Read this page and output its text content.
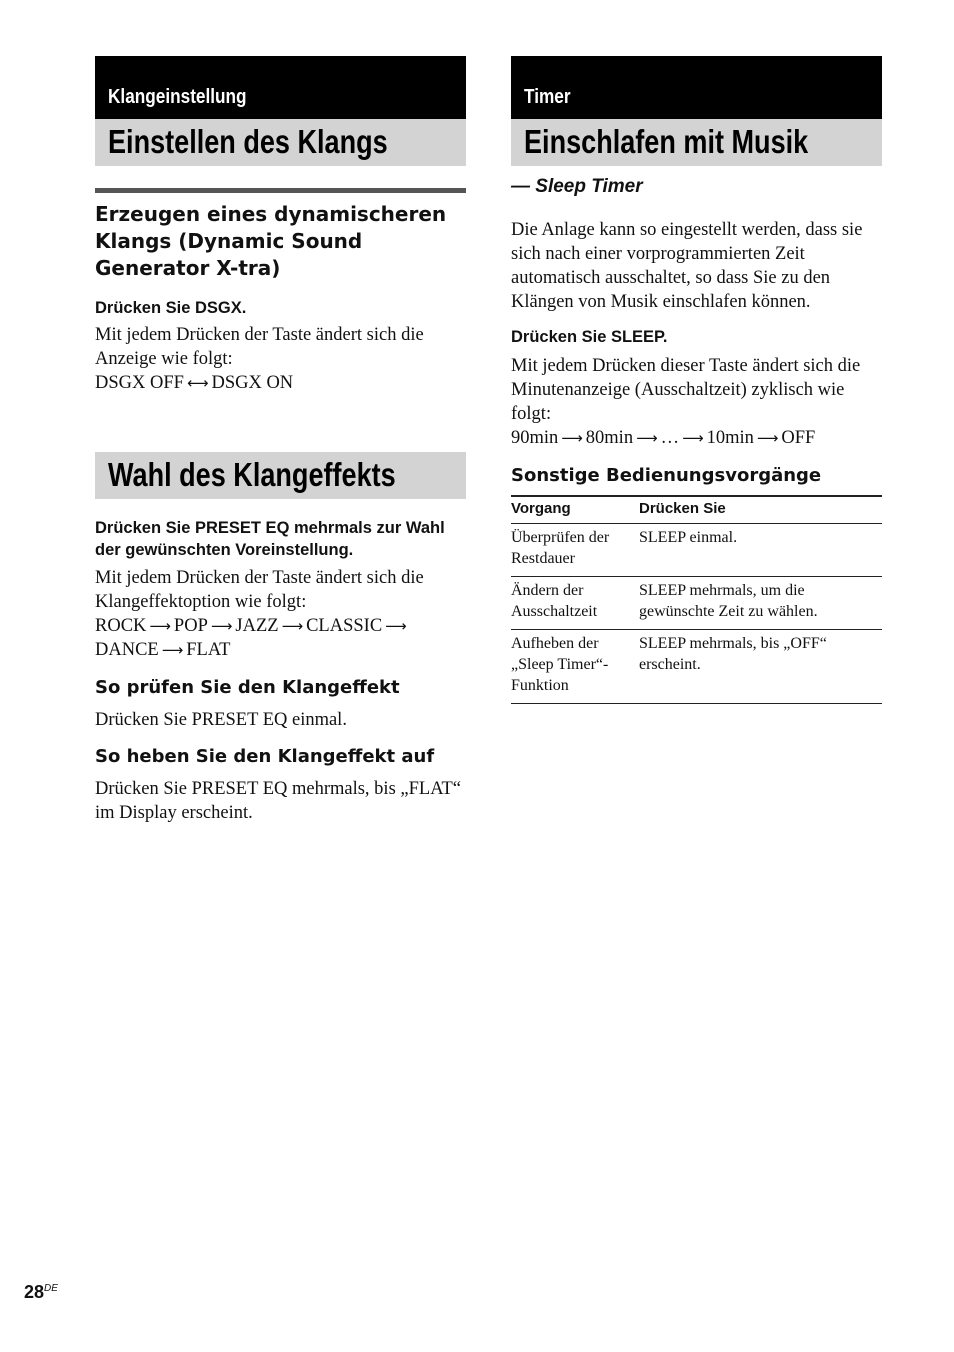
Klangeinstellung
Einstellen des Klangs
Erzeugen eines dynamischeren Klangs (Dynamic Sound Generator X-tra)

Drücken Sie DSGX.

Mit jedem Drücken der Taste ändert sich die Anzeige wie folgt:

DSGX OFF ⟷ DSGX ON

Wahl des Klangeffekts

Drücken Sie PRESET EQ mehrmals zur Wahl der gewünschten Voreinstellung.

Mit jedem Drücken der Taste ändert sich die Klangeffektoption wie folgt:

ROCK ⟶ POP ⟶ JAZZ ⟶ CLASSIC ⟶
DANCE ⟶ FLAT

So prüfen Sie den Klangeffekt

Drücken Sie PRESET EQ einmal.

So heben Sie den Klangeffekt auf

Drücken Sie PRESET EQ mehrmals, bis „FLAT“ im Display erscheint.

Timer
Einschlafen mit Musik

— Sleep Timer

Die Anlage kann so eingestellt werden, dass sie sich nach einer vorprogrammierten Zeit automatisch ausschaltet, so dass Sie zu den Klängen von Musik einschlafen können.

Drücken Sie SLEEP.

Mit jedem Drücken dieser Taste ändert sich die Minutenanzeige (Ausschaltzeit) zyklisch wie folgt:

90min ⟶ 80min ⟶ … ⟶ 10min ⟶ OFF

Sonstige Bedienungsvorgänge
Vorgang	Drücken Sie
Überprüfen der Restdauer	SLEEP einmal.
Ändern der Ausschaltzeit	SLEEP mehrmals, um die gewünschte Zeit zu wählen.
Aufheben der „Sleep Timer“-Funktion	SLEEP mehrmals, bis „OFF“ erscheint.
28DE
